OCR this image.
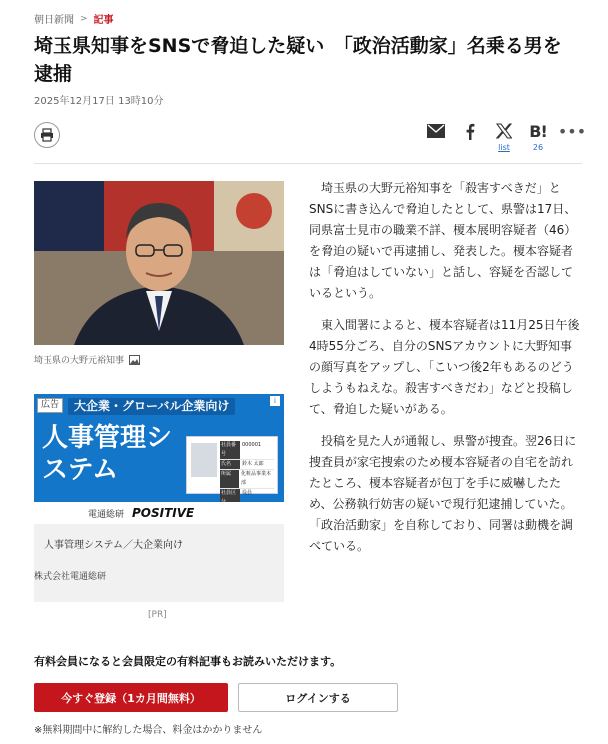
朝日新聞 > 記事
埼玉県知事をSNSで脅迫した疑い　「政治活動家」名乗る男を逮捕
2025年12月17日 13時10分
list
B!
26
•••
埼玉県の大野元裕知事
広告	大企業・グローバル企業向け	i
人事管理システム
社員番号
000001
氏名	鈴木 太郎
所属	化粧品事業本部
社員区	役員
電通総研 POSITIVE
人事管理システム／大企業向け
株式会社電通総研
[PR]

埼玉県の大野元裕知事を「殺害すべきだ」とSNSに書き込んで脅迫したとして、県警は17日、同県富士見市の職業不詳、榎本展明容疑者（46）を脅迫の疑いで再逮捕し、発表した。榎本容疑者は「脅迫はしていない」と話し、容疑を否認しているという。

東入間署によると、榎本容疑者は11月25日午後4時55分ごろ、自分のSNSアカウントに大野知事の顔写真をアップし、「こいつ後2年もあるのどうしようもねえな。殺害すべきだわ」などと投稿して、脅迫した疑いがある。

投稿を見た人が通報し、県警が捜査。翌26日に捜査員が家宅捜索のため榎本容疑者の自宅を訪れたところ、榎本容疑者が包丁を手に威嚇したため、公務執行妨害の疑いで現行犯逮捕していた。「政治活動家」を自称しており、同署は動機を調べている。

有料会員になると会員限定の有料記事もお読みいただけます。
今すぐ登録（1カ月間無料）	ログインする
※無料期間中に解約した場合、料金はかかりません
